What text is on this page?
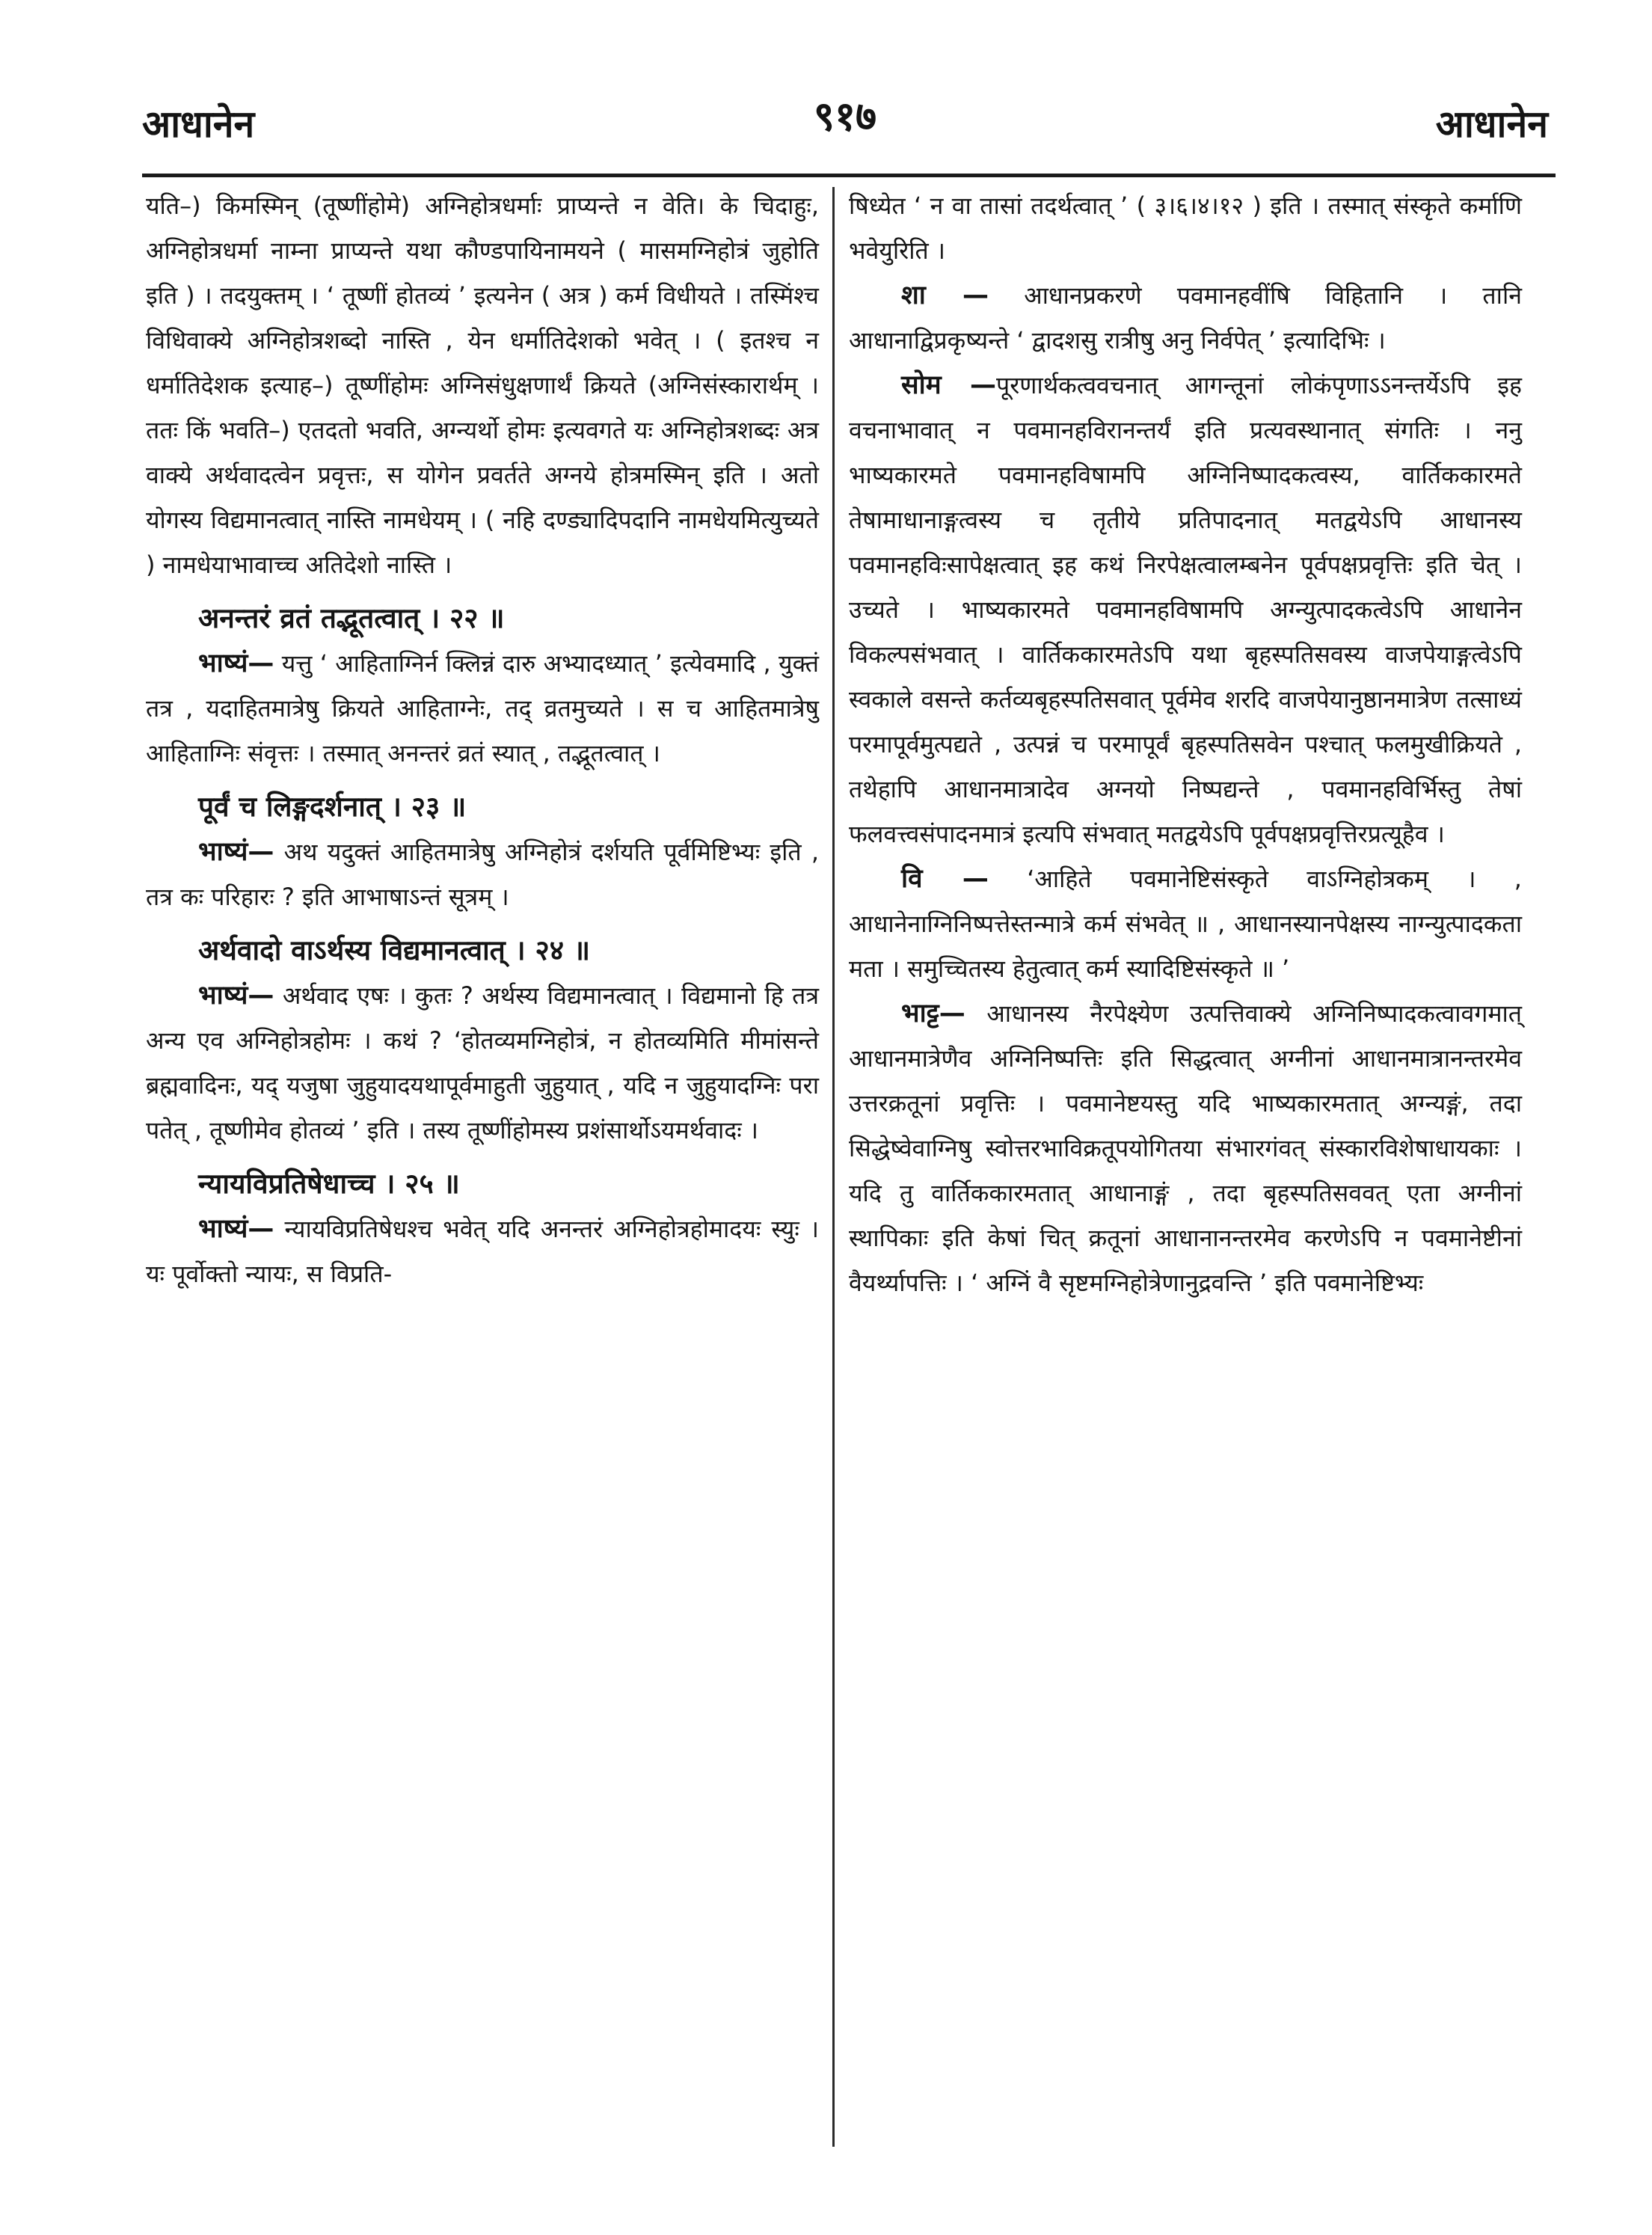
आधानेन	९१७	आधानेन

यति–) किमस्मिन् (तूष्णींहोमे) अग्निहोत्रधर्माः प्राप्यन्ते न वेति। के चिदाहुः, अग्निहोत्रधर्मा नाम्ना प्राप्यन्ते यथा कौण्डपायिनामयने ( मासमग्निहोत्रं जुहोति इति ) । तदयुक्तम् । ‘ तूष्णीं होतव्यं ’ इत्यनेन ( अत्र ) कर्म विधीयते । तस्मिंश्च विधिवाक्ये अग्निहोत्रशब्दो नास्ति , येन धर्मातिदेशको भवेत् । ( इतश्च न धर्मातिदेशक इत्याह–) तूष्णींहोमः अग्निसंधुक्षणार्थं क्रियते (अग्निसंस्कारार्थम् । ततः किं भवति–) एतदतो भवति, अग्न्यर्थो होमः इत्यवगते यः अग्निहोत्रशब्दः अत्र वाक्ये अर्थवादत्वेन प्रवृत्तः, स योगेन प्रवर्तते अग्नये होत्रमस्मिन् इति । अतो योगस्य विद्यमानत्वात् नास्ति नामधेयम् । ( नहि दण्ड्यादिपदानि नामधेयमित्युच्यते ) नामधेयाभावाच्च अतिदेशो नास्ति ।

अनन्तरं व्रतं तद्भूतत्वात् । २२ ॥

भाष्यं— यत्तु ‘ आहिताग्निर्न क्लिन्नं दारु अभ्यादध्यात् ’ इत्येवमादि , युक्तं तत्र , यदाहितमात्रेषु क्रियते आहिताग्नेः, तद् व्रतमुच्यते । स च आहितमात्रेषु आहिताग्निः संवृत्तः । तस्मात् अनन्तरं व्रतं स्यात् , तद्भूतत्वात् ।

पूर्वं च लिङ्गदर्शनात् । २३ ॥

भाष्यं— अथ यदुक्तं आहितमात्रेषु अग्निहोत्रं दर्शयति पूर्वमिष्टिभ्यः इति , तत्र कः परिहारः ? इति आभाषाऽन्तं सूत्रम् ।

अर्थवादो वाऽर्थस्य विद्यमानत्वात् । २४ ॥

भाष्यं— अर्थवाद एषः । कुतः ? अर्थस्य विद्यमानत्वात् । विद्यमानो हि तत्र अन्य एव अग्निहोत्रहोमः । कथं ? ‘होतव्यमग्निहोत्रं, न होतव्यमिति मीमांसन्ते ब्रह्मवादिनः, यद् यजुषा जुहुयादयथापूर्वमाहुती जुहुयात् , यदि न जुहुयादग्निः परा पतेत् , तूष्णीमेव होतव्यं ’ इति । तस्य तूष्णींहोमस्य प्रशंसार्थोऽयमर्थवादः ।

न्यायविप्रतिषेधाच्च । २५ ॥

भाष्यं— न्यायविप्रतिषेधश्च भवेत् यदि अनन्तरं अग्निहोत्रहोमादयः स्युः । यः पूर्वोक्तो न्यायः, स विप्रति-

षिध्येत ‘ न वा तासां तदर्थत्वात् ’ ( ३।६।४।१२ ) इति । तस्मात् संस्कृते कर्माणि भवेयुरिति ।

शा — आधानप्रकरणे पवमानहवींषि विहितानि । तानि आधानाद्विप्रकृष्यन्ते ‘ द्वादशसु रात्रीषु अनु निर्वपेत् ’ इत्यादिभिः ।

सोम —पूरणार्थकत्ववचनात् आगन्तूनां लोकंपृणाऽऽनन्तर्येऽपि इह वचनाभावात् न पवमानहविरानन्तर्यं इति प्रत्यवस्थानात् संगतिः । ननु भाष्यकारमते पवमानहविषामपि अग्निनिष्पादकत्वस्य, वार्तिककारमते तेषामाधानाङ्गत्वस्य च तृतीये प्रतिपादनात् मतद्वयेऽपि आधानस्य पवमानहविःसापेक्षत्वात् इह कथं निरपेक्षत्वालम्बनेन पूर्वपक्षप्रवृत्तिः इति चेत् । उच्यते । भाष्यकारमते पवमानहविषामपि अग्न्युत्पादकत्वेऽपि आधानेन विकल्पसंभवात् । वार्तिककारमतेऽपि यथा बृहस्पतिसवस्य वाजपेयाङ्गत्वेऽपि स्वकाले वसन्ते कर्तव्यबृहस्पतिसवात् पूर्वमेव शरदि वाजपेयानुष्ठानमात्रेण तत्साध्यं परमापूर्वमुत्पद्यते , उत्पन्नं च परमापूर्वं बृहस्पतिसवेन पश्चात् फलमुखीक्रियते , तथेहापि आधानमात्रादेव अग्नयो निष्पद्यन्ते , पवमानहविर्भिस्तु तेषां फलवत्त्वसंपादनमात्रं इत्यपि संभवात् मतद्वयेऽपि पूर्वपक्षप्रवृत्तिरप्रत्यूहैव ।

वि — ‘आहिते पवमानेष्टिसंस्कृते वाऽग्निहोत्रकम् । , आधानेनाग्निनिष्पत्तेस्तन्मात्रे कर्म संभवेत् ॥ , आधानस्यानपेक्षस्य नाग्न्युत्पादकता मता । समुच्चितस्य हेतुत्वात् कर्म स्यादिष्टिसंस्कृते ॥ ’

भाट्ट— आधानस्य नैरपेक्ष्येण उत्पत्तिवाक्ये अग्निनिष्पादकत्वावगमात् आधानमात्रेणैव अग्निनिष्पत्तिः इति सिद्धत्वात् अग्नीनां आधानमात्रानन्तरमेव उत्तरक्रतूनां प्रवृत्तिः । पवमानेष्टयस्तु यदि भाष्यकारमतात् अग्न्यङ्गं, तदा सिद्धेष्वेवाग्निषु स्वोत्तरभाविक्रतूपयोगितया संभारगंवत् संस्कारविशेषाधायकाः । यदि तु वार्तिककारमतात् आधानाङ्गं , तदा बृहस्पतिसववत् एता अग्नीनां स्थापिकाः इति केषां चित् क्रतूनां आधानानन्तरमेव करणेऽपि न पवमानेष्टीनां वैयर्थ्यापत्तिः । ‘ अग्निं वै सृष्टमग्निहोत्रेणानुद्रवन्ति ’ इति पवमानेष्टिभ्यः
